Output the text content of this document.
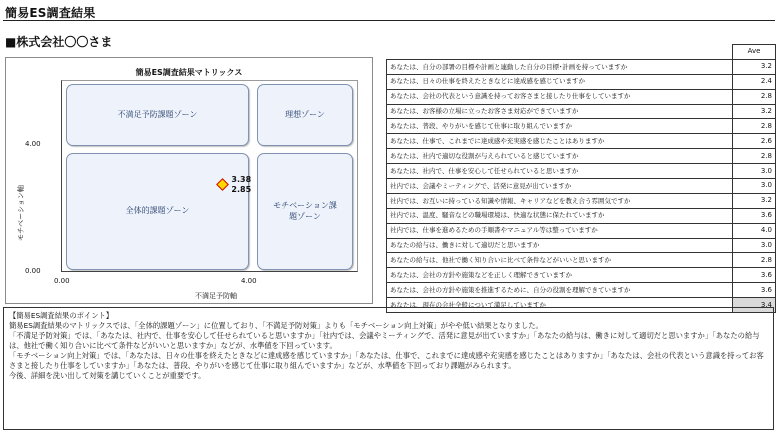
簡易ES調査結果
■株式会社〇〇さま
簡易ES調査結果マトリックス
モチベーション軸
不満足予防軸
不満足予防課題ゾーン	理想ゾーン
全体的課題ゾーン
モチベーション課題ゾーン
3.38
2.85
4.00
0.00
0.00	4.00
	Ave
あなたは、自分の部署の目標や計画と連動した自分の目標･計画を持っていますか	3.2
あなたは、日々の仕事を終えたときなどに達成感を感じていますか	2.4
あなたは、会社の代表という意識を持ってお客さまと接したり仕事をしていますか	2.8
あなたは、お客様の立場に立ったお客さま対応ができていますか	3.2
あなたは、普段、やりがいを感じて仕事に取り組んでいますか	2.8
あなたは、仕事で、これまでに達成感や充実感を感じたことはありますか	2.6
あなたは、社内で適切な役割が与えられていると感じていますか	2.8
あなたは、社内で、仕事を安心して任せられていると思いますか	3.0
社内では、会議やミーティングで、活発に意見が出ていますか	3.0
社内では、お互いに持っている知識や情報、キャリアなどを教え合う雰囲気ですか	3.2
社内では、温度、騒音などの職場環境は、快適な状態に保たれていますか	3.6
社内では、仕事を進めるための手順書やマニュアル等は整っていますか	4.0
あなたの給与は、働きに対して適切だと思いますか	3.0
あなたの給与は、他社で働く知り合いに比べて条件などがいいと思いますか	2.8
あなたは、会社の方針や施策などを正しく理解できていますか	3.6
あなたは、会社の方針や施策を推進するために、自分の役割を理解できていますか	3.6
あなたは、現在の会社全般について満足していますか	3.4

【簡易ES調査結果のポイント】

簡易ES調査結果のマトリックスでは、「全体的課題ゾーン」に位置しており、「不満足予防対策」よりも「モチベーション向上対策」がやや低い結果となりました。

「不満足予防対策」では、「あなたは、社内で、仕事を安心して任せられていると思いますか」「社内では、会議やミーティングで、活発に意見が出ていますか」「あなたの給与は、働きに対して適切だと思いますか」「あなたの給与は、他社で働く知り合いに比べて条件などがいいと思いますか」などが、水準値を下回っています。

「モチベーション向上対策」では、「あなたは、日々の仕事を終えたときなどに達成感を感じていますか」「あなたは、仕事で、これまでに達成感や充実感を感じたことはありますか」「あなたは、会社の代表という意識を持ってお客さまと接したり仕事をしていますか」「あなたは、普段、やりがいを感じて仕事に取り組んでいますか」などが、水準値を下回っており課題がみられます。

今後、詳細を洗い出して対策を講じていくことが重要です。
